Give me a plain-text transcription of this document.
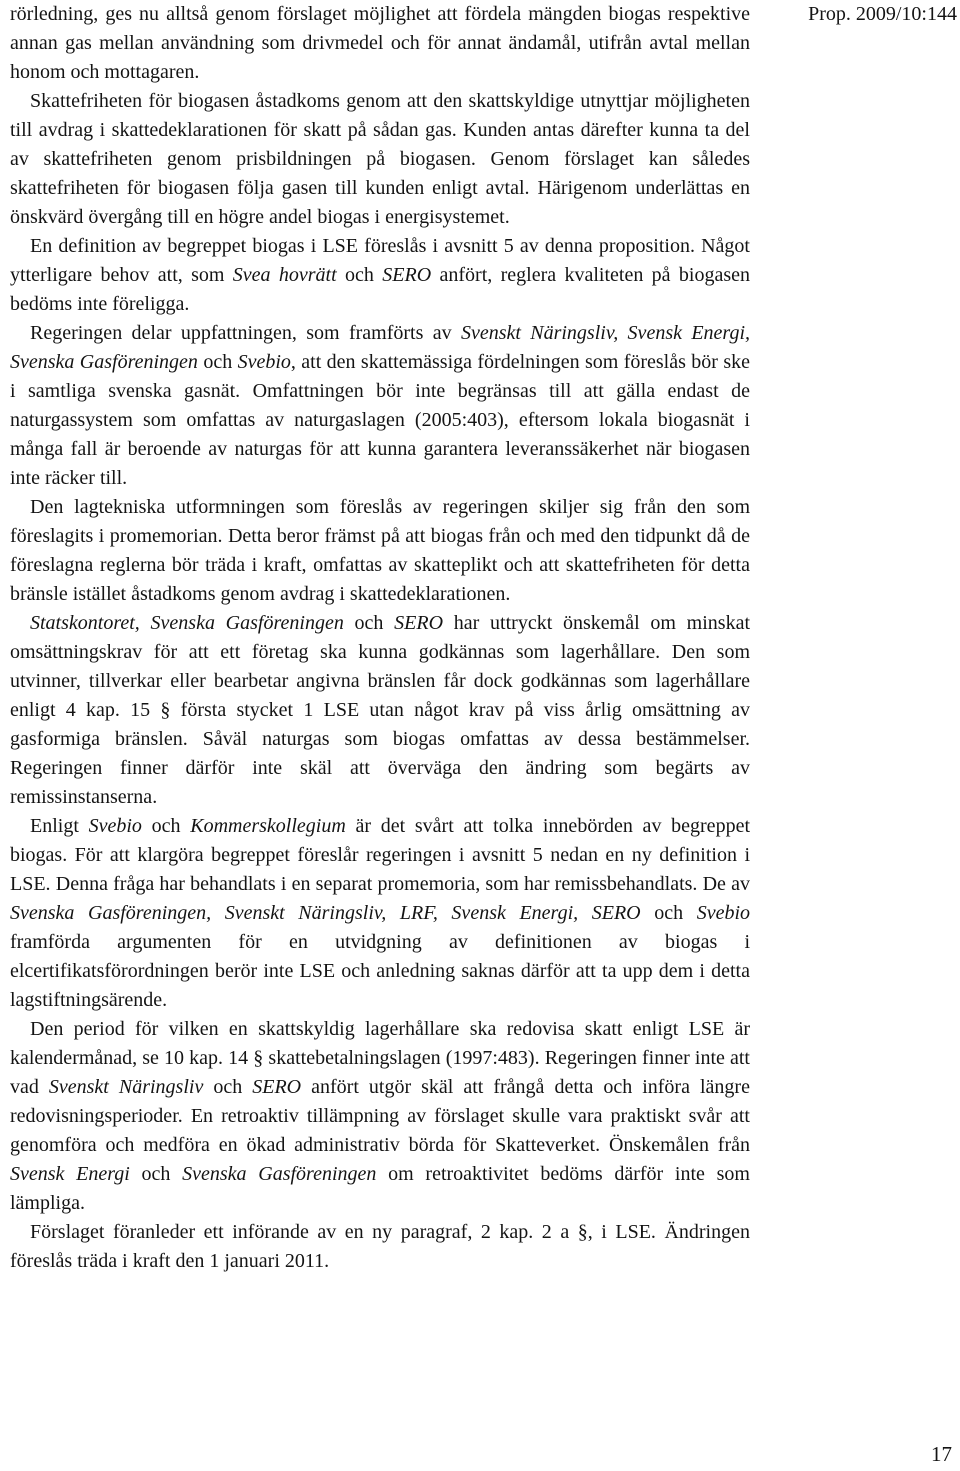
rörledning, ges nu alltså genom förslaget möjlighet att fördela mängden biogas respektive annan gas mellan användning som drivmedel och för annat ändamål, utifrån avtal mellan honom och mottagaren.

Skattefriheten för biogasen åstadkoms genom att den skattskyldige utnyttjar möjligheten till avdrag i skattedeklarationen för skatt på sådan gas. Kunden antas därefter kunna ta del av skattefriheten genom prisbildningen på biogasen. Genom förslaget kan således skattefriheten för biogasen följa gasen till kunden enligt avtal. Härigenom underlättas en önskvärd övergång till en högre andel biogas i energisystemet.

En definition av begreppet biogas i LSE föreslås i avsnitt 5 av denna proposition. Något ytterligare behov att, som Svea hovrätt och SERO anfört, reglera kvaliteten på biogasen bedöms inte föreligga.

Regeringen delar uppfattningen, som framförts av Svenskt Näringsliv, Svensk Energi, Svenska Gasföreningen och Svebio, att den skattemässiga fördelningen som föreslås bör ske i samtliga svenska gasnät. Omfattningen bör inte begränsas till att gälla endast de naturgassystem som omfattas av naturgaslagen (2005:403), eftersom lokala biogasnät i många fall är beroende av naturgas för att kunna garantera leveranssäkerhet när biogasen inte räcker till.

Den lagtekniska utformningen som föreslås av regeringen skiljer sig från den som föreslagits i promemorian. Detta beror främst på att biogas från och med den tidpunkt då de föreslagna reglerna bör träda i kraft, omfattas av skatteplikt och att skattefriheten för detta bränsle istället åstadkoms genom avdrag i skattedeklarationen.

Statskontoret, Svenska Gasföreningen och SERO har uttryckt önskemål om minskat omsättningskrav för att ett företag ska kunna godkännas som lagerhållare. Den som utvinner, tillverkar eller bearbetar angivna bränslen får dock godkännas som lagerhållare enligt 4 kap. 15 § första stycket 1 LSE utan något krav på viss årlig omsättning av gasformiga bränslen. Såväl naturgas som biogas omfattas av dessa bestämmelser. Regeringen finner därför inte skäl att överväga den ändring som begärts av remissinstanserna.

Enligt Svebio och Kommerskollegium är det svårt att tolka innebörden av begreppet biogas. För att klargöra begreppet föreslår regeringen i avsnitt 5 nedan en ny definition i LSE. Denna fråga har behandlats i en separat promemoria, som har remissbehandlats. De av Svenska Gasföreningen, Svenskt Näringsliv, LRF, Svensk Energi, SERO och Svebio framförda argumenten för en utvidgning av definitionen av biogas i elcertifikatsförordningen berör inte LSE och anledning saknas därför att ta upp dem i detta lagstiftningsärende.

Den period för vilken en skattskyldig lagerhållare ska redovisa skatt enligt LSE är kalendermånad, se 10 kap. 14 § skattebetalningslagen (1997:483). Regeringen finner inte att vad Svenskt Näringsliv och SERO anfört utgör skäl att frångå detta och införa längre redovisningsperioder. En retroaktiv tillämpning av förslaget skulle vara praktiskt svår att genomföra och medföra en ökad administrativ börda för Skatteverket. Önskemålen från Svensk Energi och Svenska Gasföreningen om retroaktivitet bedöms därför inte som lämpliga.

Förslaget föranleder ett införande av en ny paragraf, 2 kap. 2 a §, i LSE. Ändringen föreslås träda i kraft den 1 januari 2011.

Prop. 2009/10:144
17
